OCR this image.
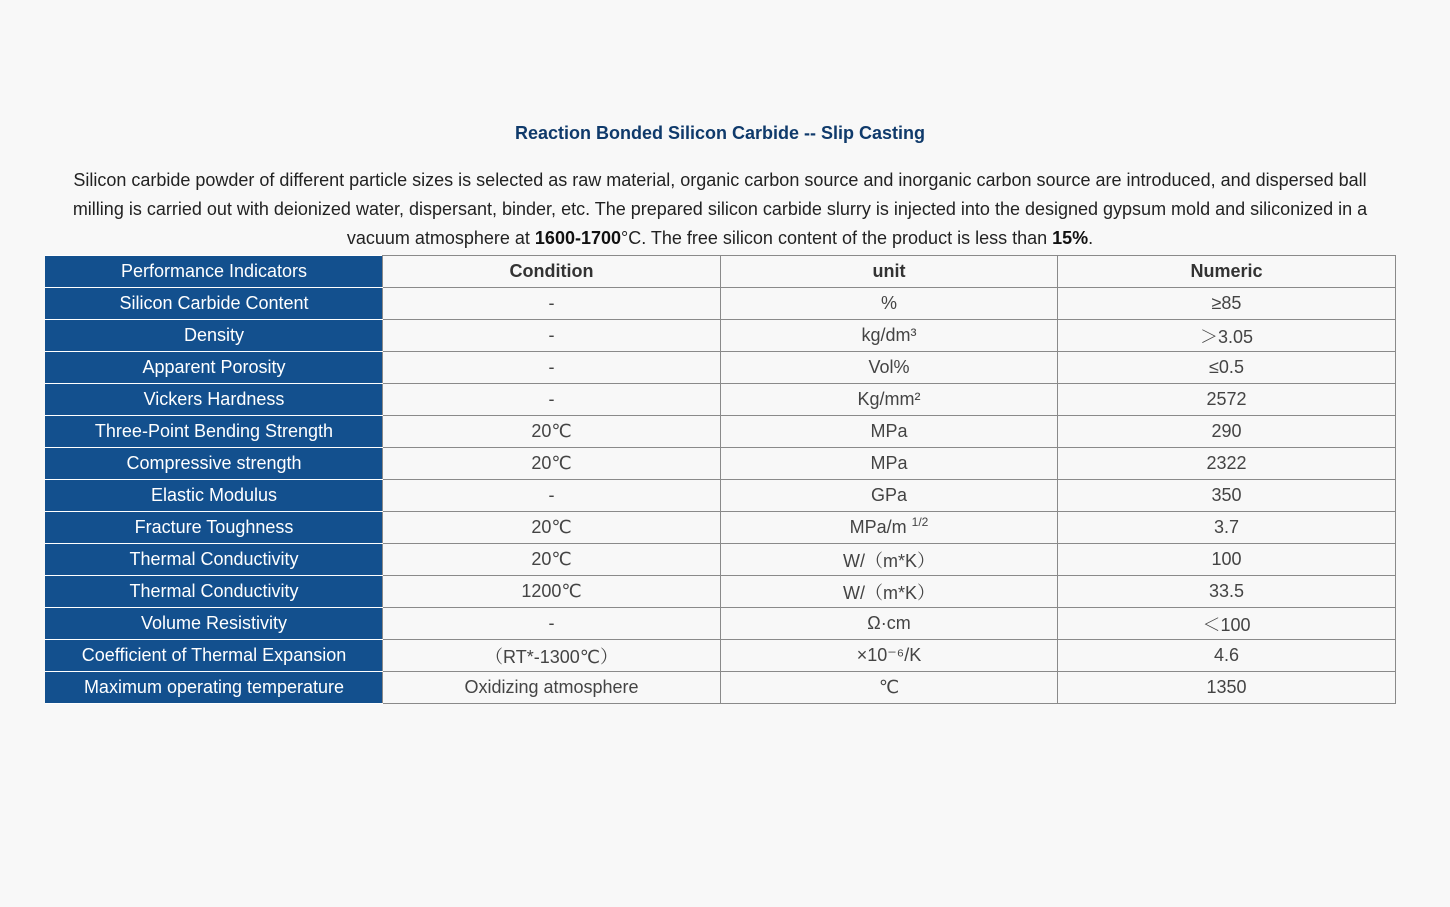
Reaction Bonded Silicon Carbide -- Slip Casting

Silicon carbide powder of different particle sizes is selected as raw material, organic carbon source and inorganic carbon source are introduced, and dispersed ball milling is carried out with deionized water, dispersant, binder, etc. The prepared silicon carbide slurry is injected into the designed gypsum mold and siliconized in a vacuum atmosphere at 1600-1700°C. The free silicon content of the product is less than 15%.

Performance Indicators	Condition	unit	Numeric
Silicon Carbide Content	-	%	≥85
Density	-	kg/dm³	＞3.05
Apparent Porosity	-	Vol%	≤0.5
Vickers Hardness	-	Kg/mm²	2572
Three-Point Bending Strength	20℃	MPa	290
Compressive strength	20℃	MPa	2322
Elastic Modulus	-	GPa	350
Fracture Toughness	20℃	MPa/m $^{1/2}$	3.7
Thermal Conductivity	20℃	W/（m*K）	100
Thermal Conductivity	1200℃	W/（m*K）	33.5
Volume Resistivity	-	Ω·cm	＜100
Coefficient of Thermal Expansion	（RT*-1300℃）	×10⁻⁶/K	4.6
Maximum operating temperature	Oxidizing atmosphere	℃	1350
